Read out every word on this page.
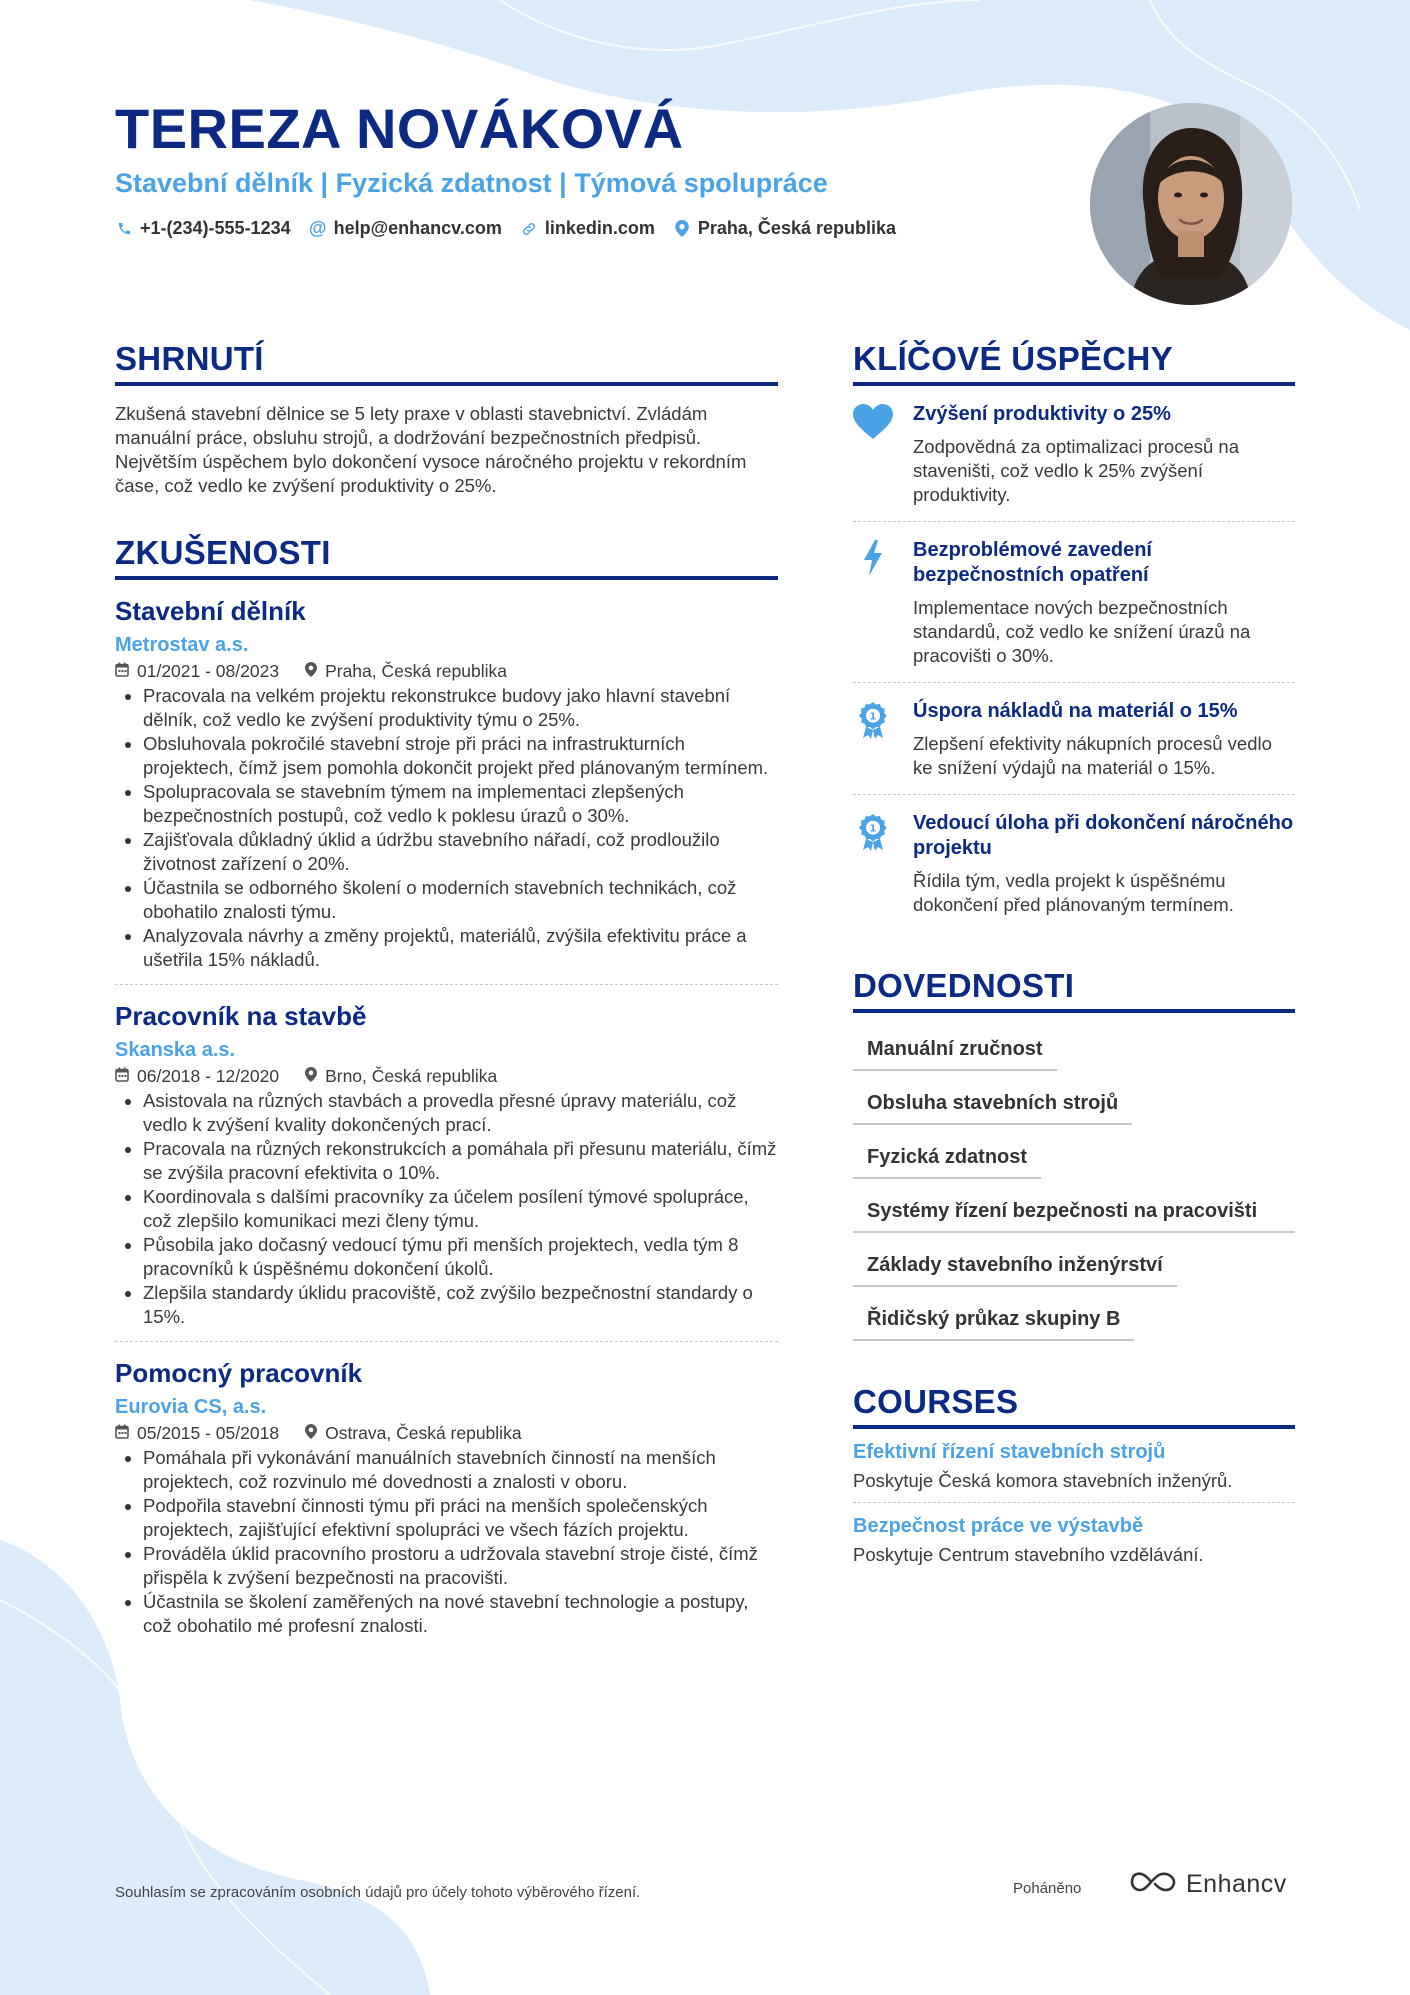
TEREZA NOVÁKOVÁ
Stavební dělník | Fyzická zdatnost | Týmová spolupráce
+1-(234)-555-1234 @ help@enhancv.com linkedin.com Praha, Česká republika
SHRNUTÍ

Zkušená stavební dělnice se 5 lety praxe v oblasti stavebnictví. Zvládám manuální práce, obsluhu strojů, a dodržování bezpečnostních předpisů. Největším úspěchem bylo dokončení vysoce náročného projektu v rekordním čase, což vedlo ke zvýšení produktivity o 25%.

ZKUŠENOSTI
Stavební dělník
Metrostav a.s.
01/2021 - 08/2023	Praha, Česká republika
• Pracovala na velkém projektu rekonstrukce budovy jako hlavní stavební dělník, což vedlo ke zvýšení produktivity týmu o 25%.
• Obsluhovala pokročilé stavební stroje při práci na infrastrukturních projektech, čímž jsem pomohla dokončit projekt před plánovaným termínem.
• Spolupracovala se stavebním týmem na implementaci zlepšených bezpečnostních postupů, což vedlo k poklesu úrazů o 30%.
• Zajišťovala důkladný úklid a údržbu stavebního nářadí, což prodloužilo životnost zařízení o 20%.
• Účastnila se odborného školení o moderních stavebních technikách, což obohatilo znalosti týmu.
• Analyzovala návrhy a změny projektů, materiálů, zvýšila efektivitu práce a ušetřila 15% nákladů.
Pracovník na stavbě
Skanska a.s.
06/2018 - 12/2020	Brno, Česká republika
• Asistovala na různých stavbách a provedla přesné úpravy materiálu, což vedlo k zvýšení kvality dokončených prací.
• Pracovala na různých rekonstrukcích a pomáhala při přesunu materiálu, čímž se zvýšila pracovní efektivita o 10%.
• Koordinovala s dalšími pracovníky za účelem posílení týmové spolupráce, což zlepšilo komunikaci mezi členy týmu.
• Působila jako dočasný vedoucí týmu při menších projektech, vedla tým 8 pracovníků k úspěšnému dokončení úkolů.
• Zlepšila standardy úklidu pracoviště, což zvýšilo bezpečnostní standardy o 15%.
Pomocný pracovník
Eurovia CS, a.s.
05/2015 - 05/2018	Ostrava, Česká republika
• Pomáhala při vykonávání manuálních stavebních činností na menších projektech, což rozvinulo mé dovednosti a znalosti v oboru.
• Podpořila stavební činnosti týmu při práci na menších společenských projektech, zajišťující efektivní spolupráci ve všech fázích projektu.
• Prováděla úklid pracovního prostoru a udržovala stavební stroje čisté, čímž přispěla k zvýšení bezpečnosti na pracovišti.
• Účastnila se školení zaměřených na nové stavební technologie a postupy, což obohatilo mé profesní znalosti.
KLÍČOVÉ ÚSPĚCHY

Zvýšení produktivity o 25%

Zodpovědná za optimalizaci procesů na staveništi, což vedlo k 25% zvýšení produktivity.

Bezproblémové zavedení bezpečnostních opatření

Implementace nových bezpečnostních standardů, což vedlo ke snížení úrazů na pracovišti o 30%.

1 Úspora nákladů na materiál o 15%

Zlepšení efektivity nákupních procesů vedlo ke snížení výdajů na materiál o 15%.

1 Vedoucí úloha při dokončení náročného projektu

Řídila tým, vedla projekt k úspěšnému dokončení před plánovaným termínem.

DOVEDNOSTI
Manuální zručnost
Obsluha stavebních strojů
Fyzická zdatnost
Systémy řízení bezpečnosti na pracovišti
Základy stavebního inženýrství
Řidičský průkaz skupiny B
COURSES

Efektivní řízení stavebních strojů

Poskytuje Česká komora stavebních inženýrů.

Bezpečnost práce ve výstavbě

Poskytuje Centrum stavebního vzdělávání.

Souhlasím se zpracováním osobních údajů pro účely tohoto výběrového řízení.	Poháněno	Enhancv
